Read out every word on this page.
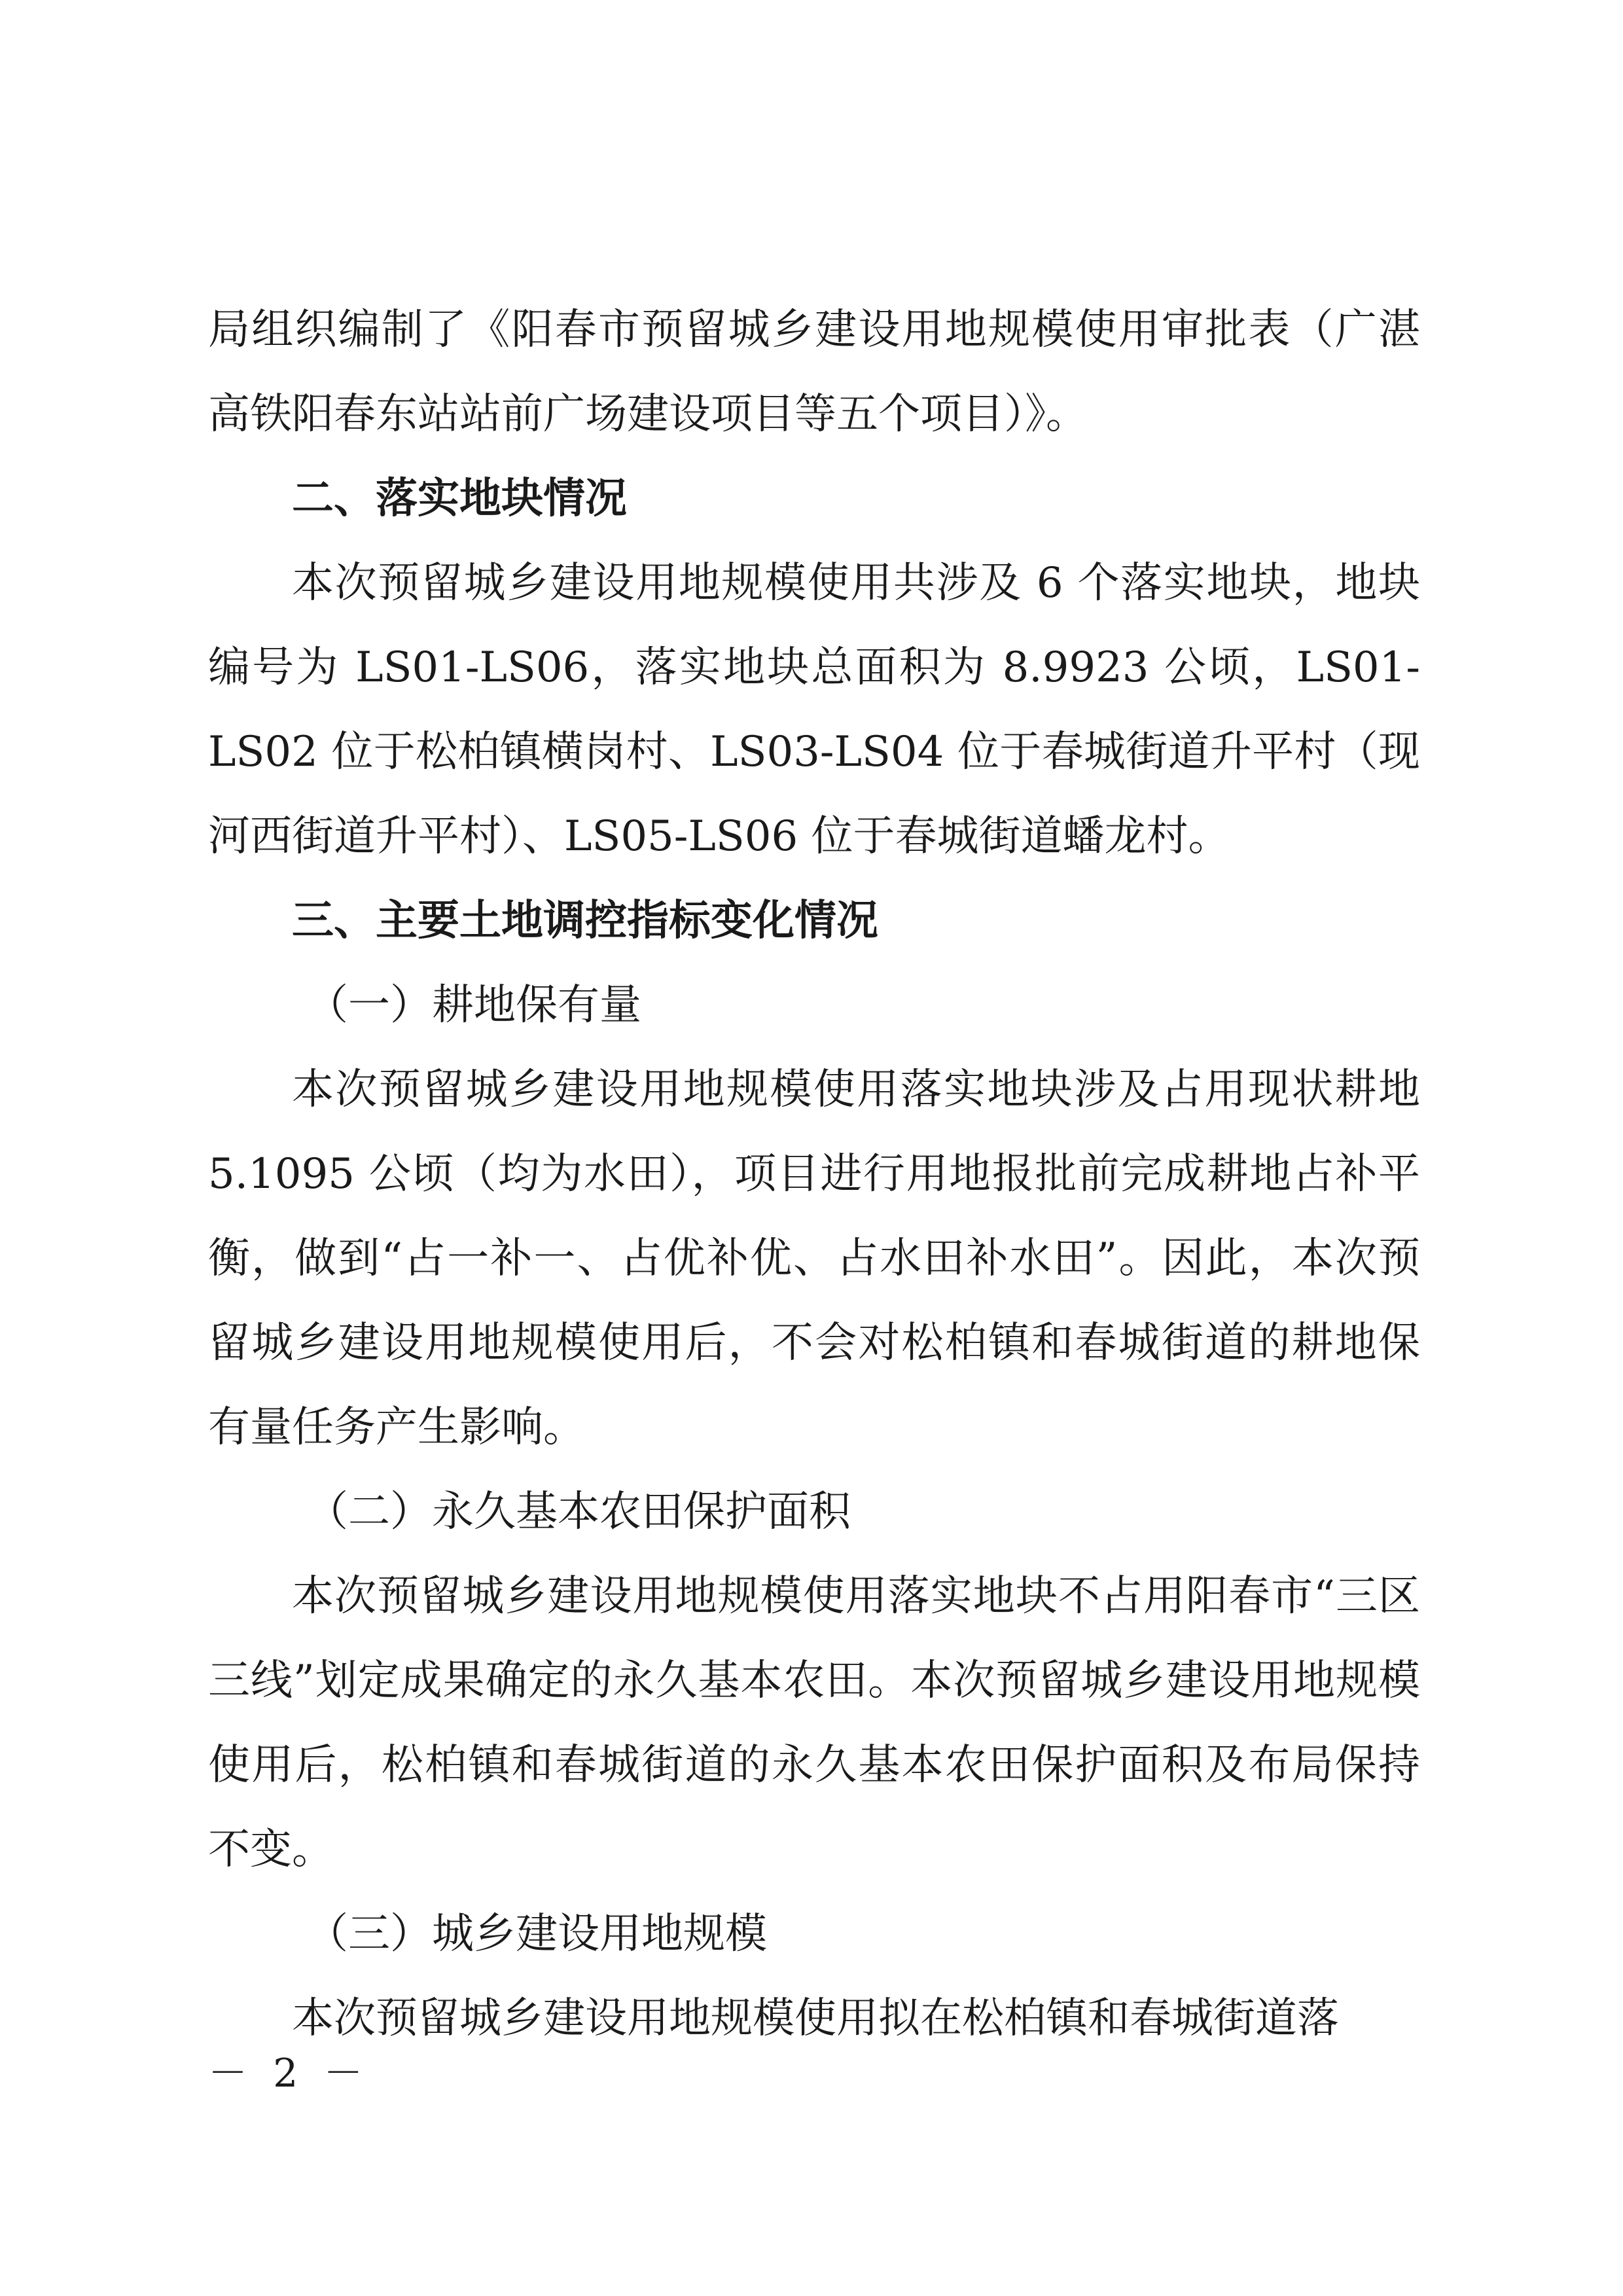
局组织编制了《阳春市预留城乡建设用地规模使用审批表（广湛高铁阳春东站站前广场建设项目等五个项目）》。

二、落实地块情况

本次预留城乡建设用地规模使用共涉及 6 个落实地块，地块编号为 LS01-LS06，落实地块总面积为 8.9923 公顷，LS01-LS02 位于松柏镇横岗村、LS03-LS04 位于春城街道升平村（现河西街道升平村）、LS05-LS06 位于春城街道蟠龙村。

三、主要土地调控指标变化情况

（一）耕地保有量

本次预留城乡建设用地规模使用落实地块涉及占用现状耕地 5.1095 公顷（均为水田），项目进行用地报批前完成耕地占补平衡，做到“占一补一、占优补优、占水田补水田”。因此，本次预留城乡建设用地规模使用后，不会对松柏镇和春城街道的耕地保有量任务产生影响。

（二）永久基本农田保护面积

本次预留城乡建设用地规模使用落实地块不占用阳春市“三区三线”划定成果确定的永久基本农田。本次预留城乡建设用地规模使用后，松柏镇和春城街道的永久基本农田保护面积及布局保持不变。

（三）城乡建设用地规模

本次预留城乡建设用地规模使用拟在松柏镇和春城街道落

－ 2 －
